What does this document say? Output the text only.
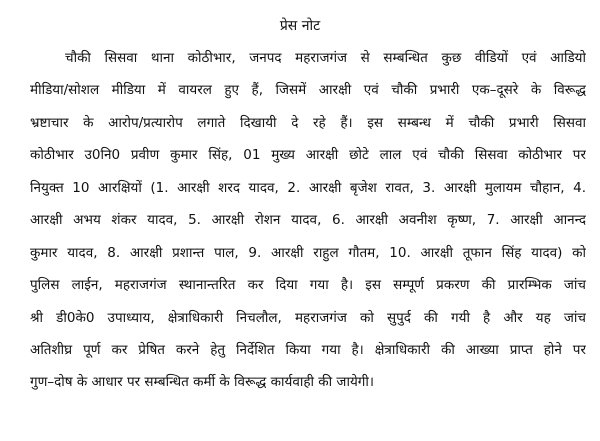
प्रेस नोट
चौकी सिसवा थाना कोठीभार, जनपद महराजगंज से सम्बन्धित कुछ वीडियों एवं आडियो
मीडिया/सोशल मीडिया में वायरल हुए हैं, जिसमें आरक्षी एवं चौकी प्रभारी एक–दूसरे के विरूद्ध
भ्रष्टाचार के आरोप/प्रत्यारोप लगाते दिखायी दे रहे हैं। इस सम्बन्ध में चौकी प्रभारी सिसवा
कोठीभार उ0नि0 प्रवीण कुमार सिंह, 01 मुख्य आरक्षी छोटे लाल एवं चौकी सिसवा कोठीभार पर
नियुक्त 10 आरक्षियों (1. आरक्षी शरद यादव, 2. आरक्षी बृजेश रावत, 3. आरक्षी मुलायम चौहान, 4.
आरक्षी अभय शंकर यादव, 5. आरक्षी रोशन यादव, 6. आरक्षी अवनीश कृष्ण, 7. आरक्षी आनन्द
कुमार यादव, 8. आरक्षी प्रशान्त पाल, 9. आरक्षी राहुल गौतम, 10. आरक्षी तूफान सिंह यादव) को
पुलिस लाईन, महराजगंज स्थानान्तरित कर दिया गया है। इस सम्पूर्ण प्रकरण की प्रारम्भिक जांच
श्री डी0के0 उपाध्याय, क्षेत्राधिकारी निचलौल, महराजगंज को सुपुर्द की गयी है और यह जांच
अतिशीघ्र पूर्ण कर प्रेषित करने हेतु निर्देशित किया गया है। क्षेत्राधिकारी की आख्या प्राप्त होने पर
गुण–दोष के आधार पर सम्बन्धित कर्मी के विरूद्ध कार्यवाही की जायेगी।
